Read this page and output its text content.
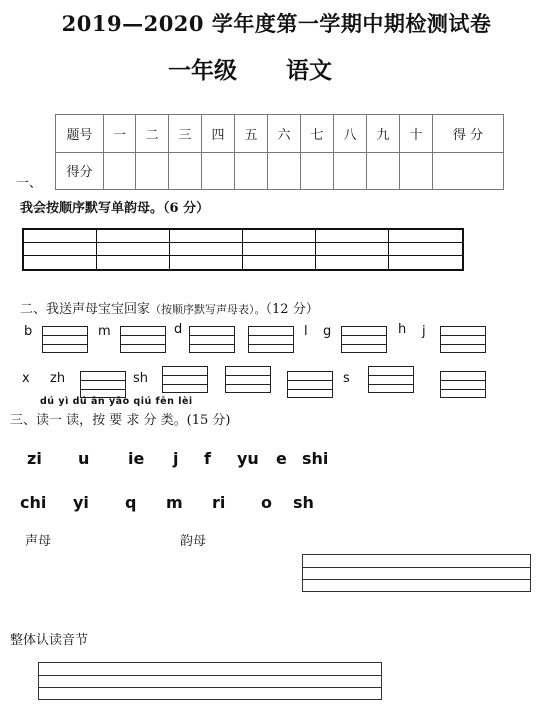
2019—2020 学年度第一学期中期检测试卷
一年级 语文
题号	一	二	三	四	五	六	七	八	九	十	得 分
得分											
一、
我会按顺序默写单韵母。（6 分）
二、我送声母宝宝回家（按顺序默写声母表）。（12 分）
b	m	d	l g	h j
x zh	sh	s
dú yì dú ān yāo qiú fēn lèi
三、读一 读，按 要 求 分 类。(15 分)
zi u ie j f yu e shi
chi yi q m ri o sh
声母	韵母
整体认读音节
